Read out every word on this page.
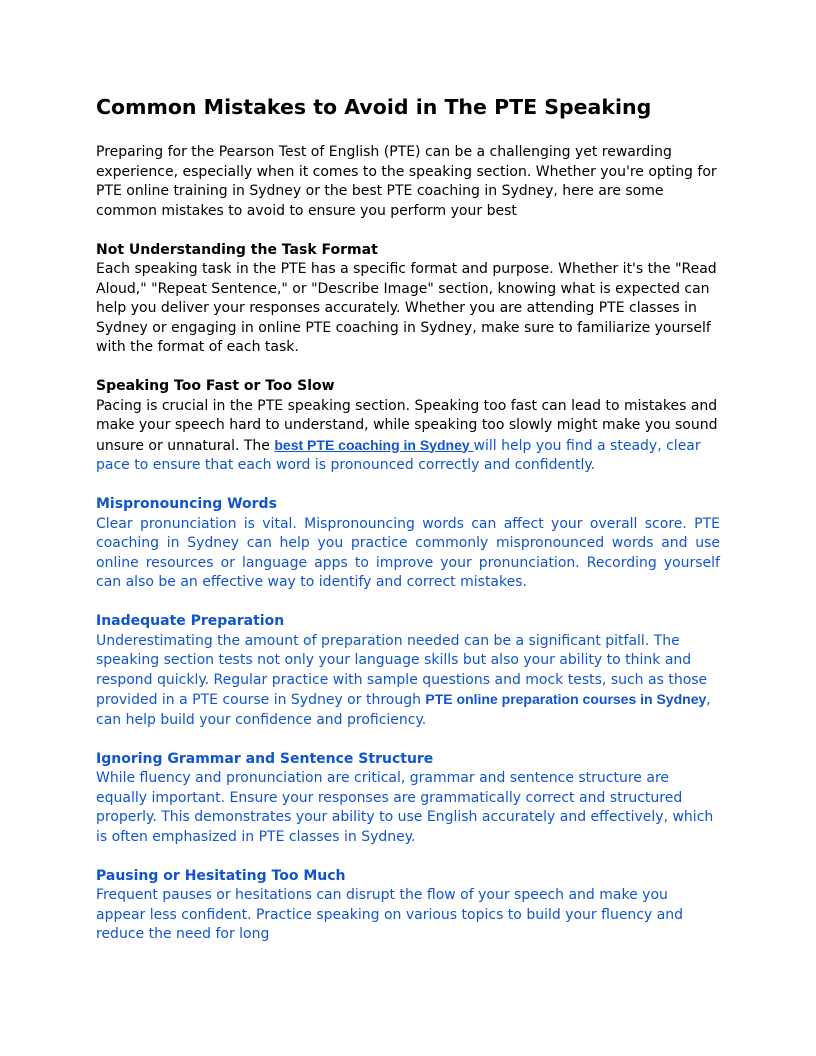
Common Mistakes to Avoid in The PTE Speaking

Preparing for the Pearson Test of English (PTE) can be a challenging yet rewarding experience, especially when it comes to the speaking section. Whether you're opting for PTE online training in Sydney or the best PTE coaching in Sydney, here are some common mistakes to avoid to ensure you perform your best

Not Understanding the Task Format

Each speaking task in the PTE has a specific format and purpose. Whether it's the "Read Aloud," "Repeat Sentence," or "Describe Image" section, knowing what is expected can help you deliver your responses accurately. Whether you are attending PTE classes in Sydney or engaging in online PTE coaching in Sydney, make sure to familiarize yourself with the format of each task.

Speaking Too Fast or Too Slow

Pacing is crucial in the PTE speaking section. Speaking too fast can lead to mistakes and make your speech hard to understand, while speaking too slowly might make you sound unsure or unnatural. The best PTE coaching in Sydney will help you find a steady, clear pace to ensure that each word is pronounced correctly and confidently.

Mispronouncing Words

Clear pronunciation is vital. Mispronouncing words can affect your overall score. PTE coaching in Sydney can help you practice commonly mispronounced words and use online resources or language apps to improve your pronunciation. Recording yourself can also be an effective way to identify and correct mistakes.

Inadequate Preparation

Underestimating the amount of preparation needed can be a significant pitfall. The speaking section tests not only your language skills but also your ability to think and respond quickly. Regular practice with sample questions and mock tests, such as those provided in a PTE course in Sydney or through PTE online preparation courses in Sydney, can help build your confidence and proficiency.

Ignoring Grammar and Sentence Structure

While fluency and pronunciation are critical, grammar and sentence structure are equally important. Ensure your responses are grammatically correct and structured properly. This demonstrates your ability to use English accurately and effectively, which is often emphasized in PTE classes in Sydney.

Pausing or Hesitating Too Much

Frequent pauses or hesitations can disrupt the flow of your speech and make you appear less confident. Practice speaking on various topics to build your fluency and reduce the need for long
